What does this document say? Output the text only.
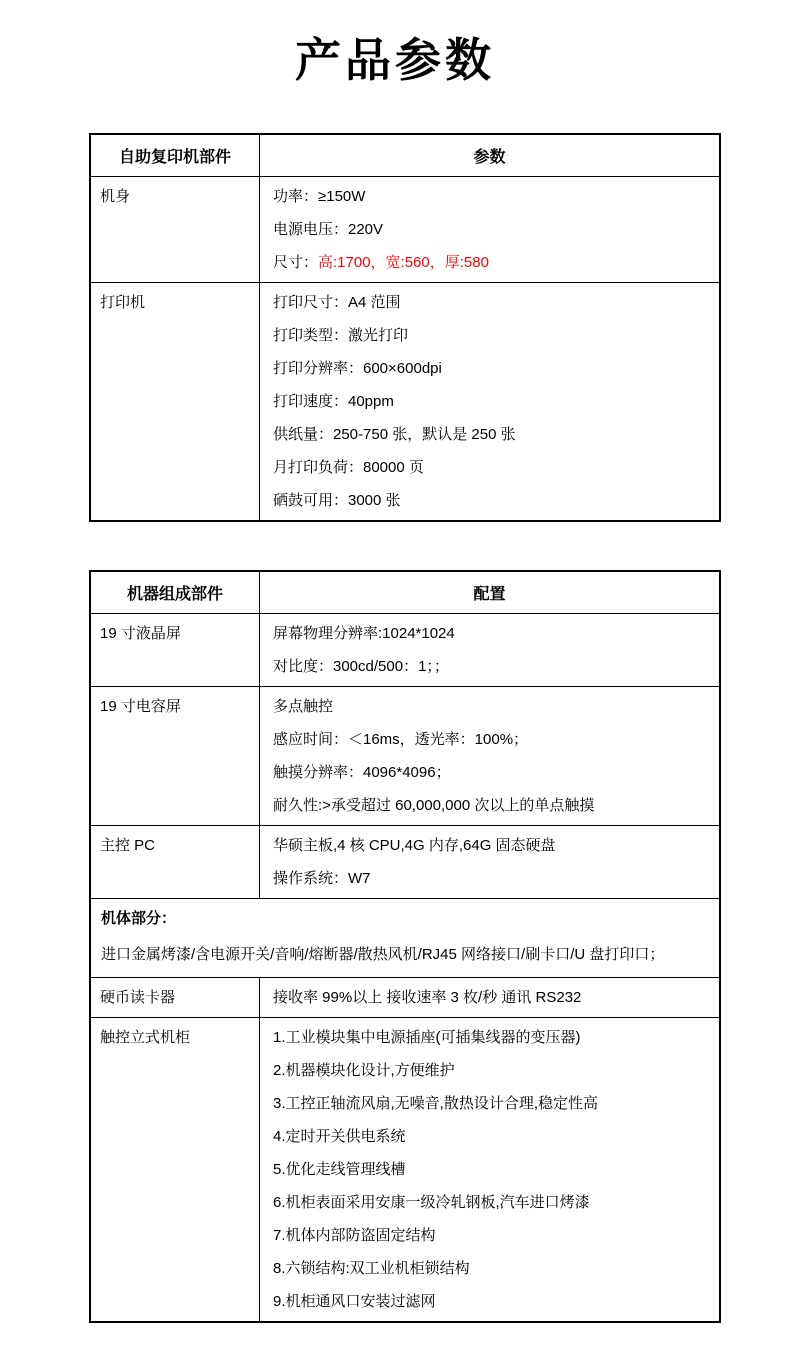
产品参数
自助复印机部件	参数
机身	功率：≥150W
电源电压：220V
尺寸：高:1700，宽:560，厚:580

打印机	打印尺寸：A4 范围
打印类型：激光打印
打印分辨率：600×600dpi
打印速度：40ppm
供纸量：250-750 张，默认是 250 张
月打印负荷：80000 页
硒鼓可用：3000 张
机器组成部件	配置
19 寸液晶屏	屏幕物理分辨率:1024*1024
对比度：300cd/500：1；；

19 寸电容屏	多点触控
感应时间：＜16ms，透光率：100%；
触摸分辨率：4096*4096；
耐久性:>承受超过 60,000,000 次以上的单点触摸

主控 PC	华硕主板,4 核 CPU,4G 内存,64G 固态硬盘
操作系统：W7

机体部分：
进口金属烤漆/含电源开关/音响/熔断器/散热风机/RJ45 网络接口/刷卡口/U 盘打印口；	

硬币读卡器	接收率 99%以上 接收速率 3 枚/秒 通讯 RS232

触控立式机柜	1.工业模块集中电源插座(可插集线器的变压器)
2.机器模块化设计,方便维护
3.工控正轴流风扇,无噪音,散热设计合理,稳定性高
4.定时开关供电系统
5.优化走线管理线槽
6.机柜表面采用安康一级冷轧钢板,汽车进口烤漆
7.机体内部防盗固定结构
8.六锁结构:双工业机柜锁结构
9.机柜通风口安装过滤网
